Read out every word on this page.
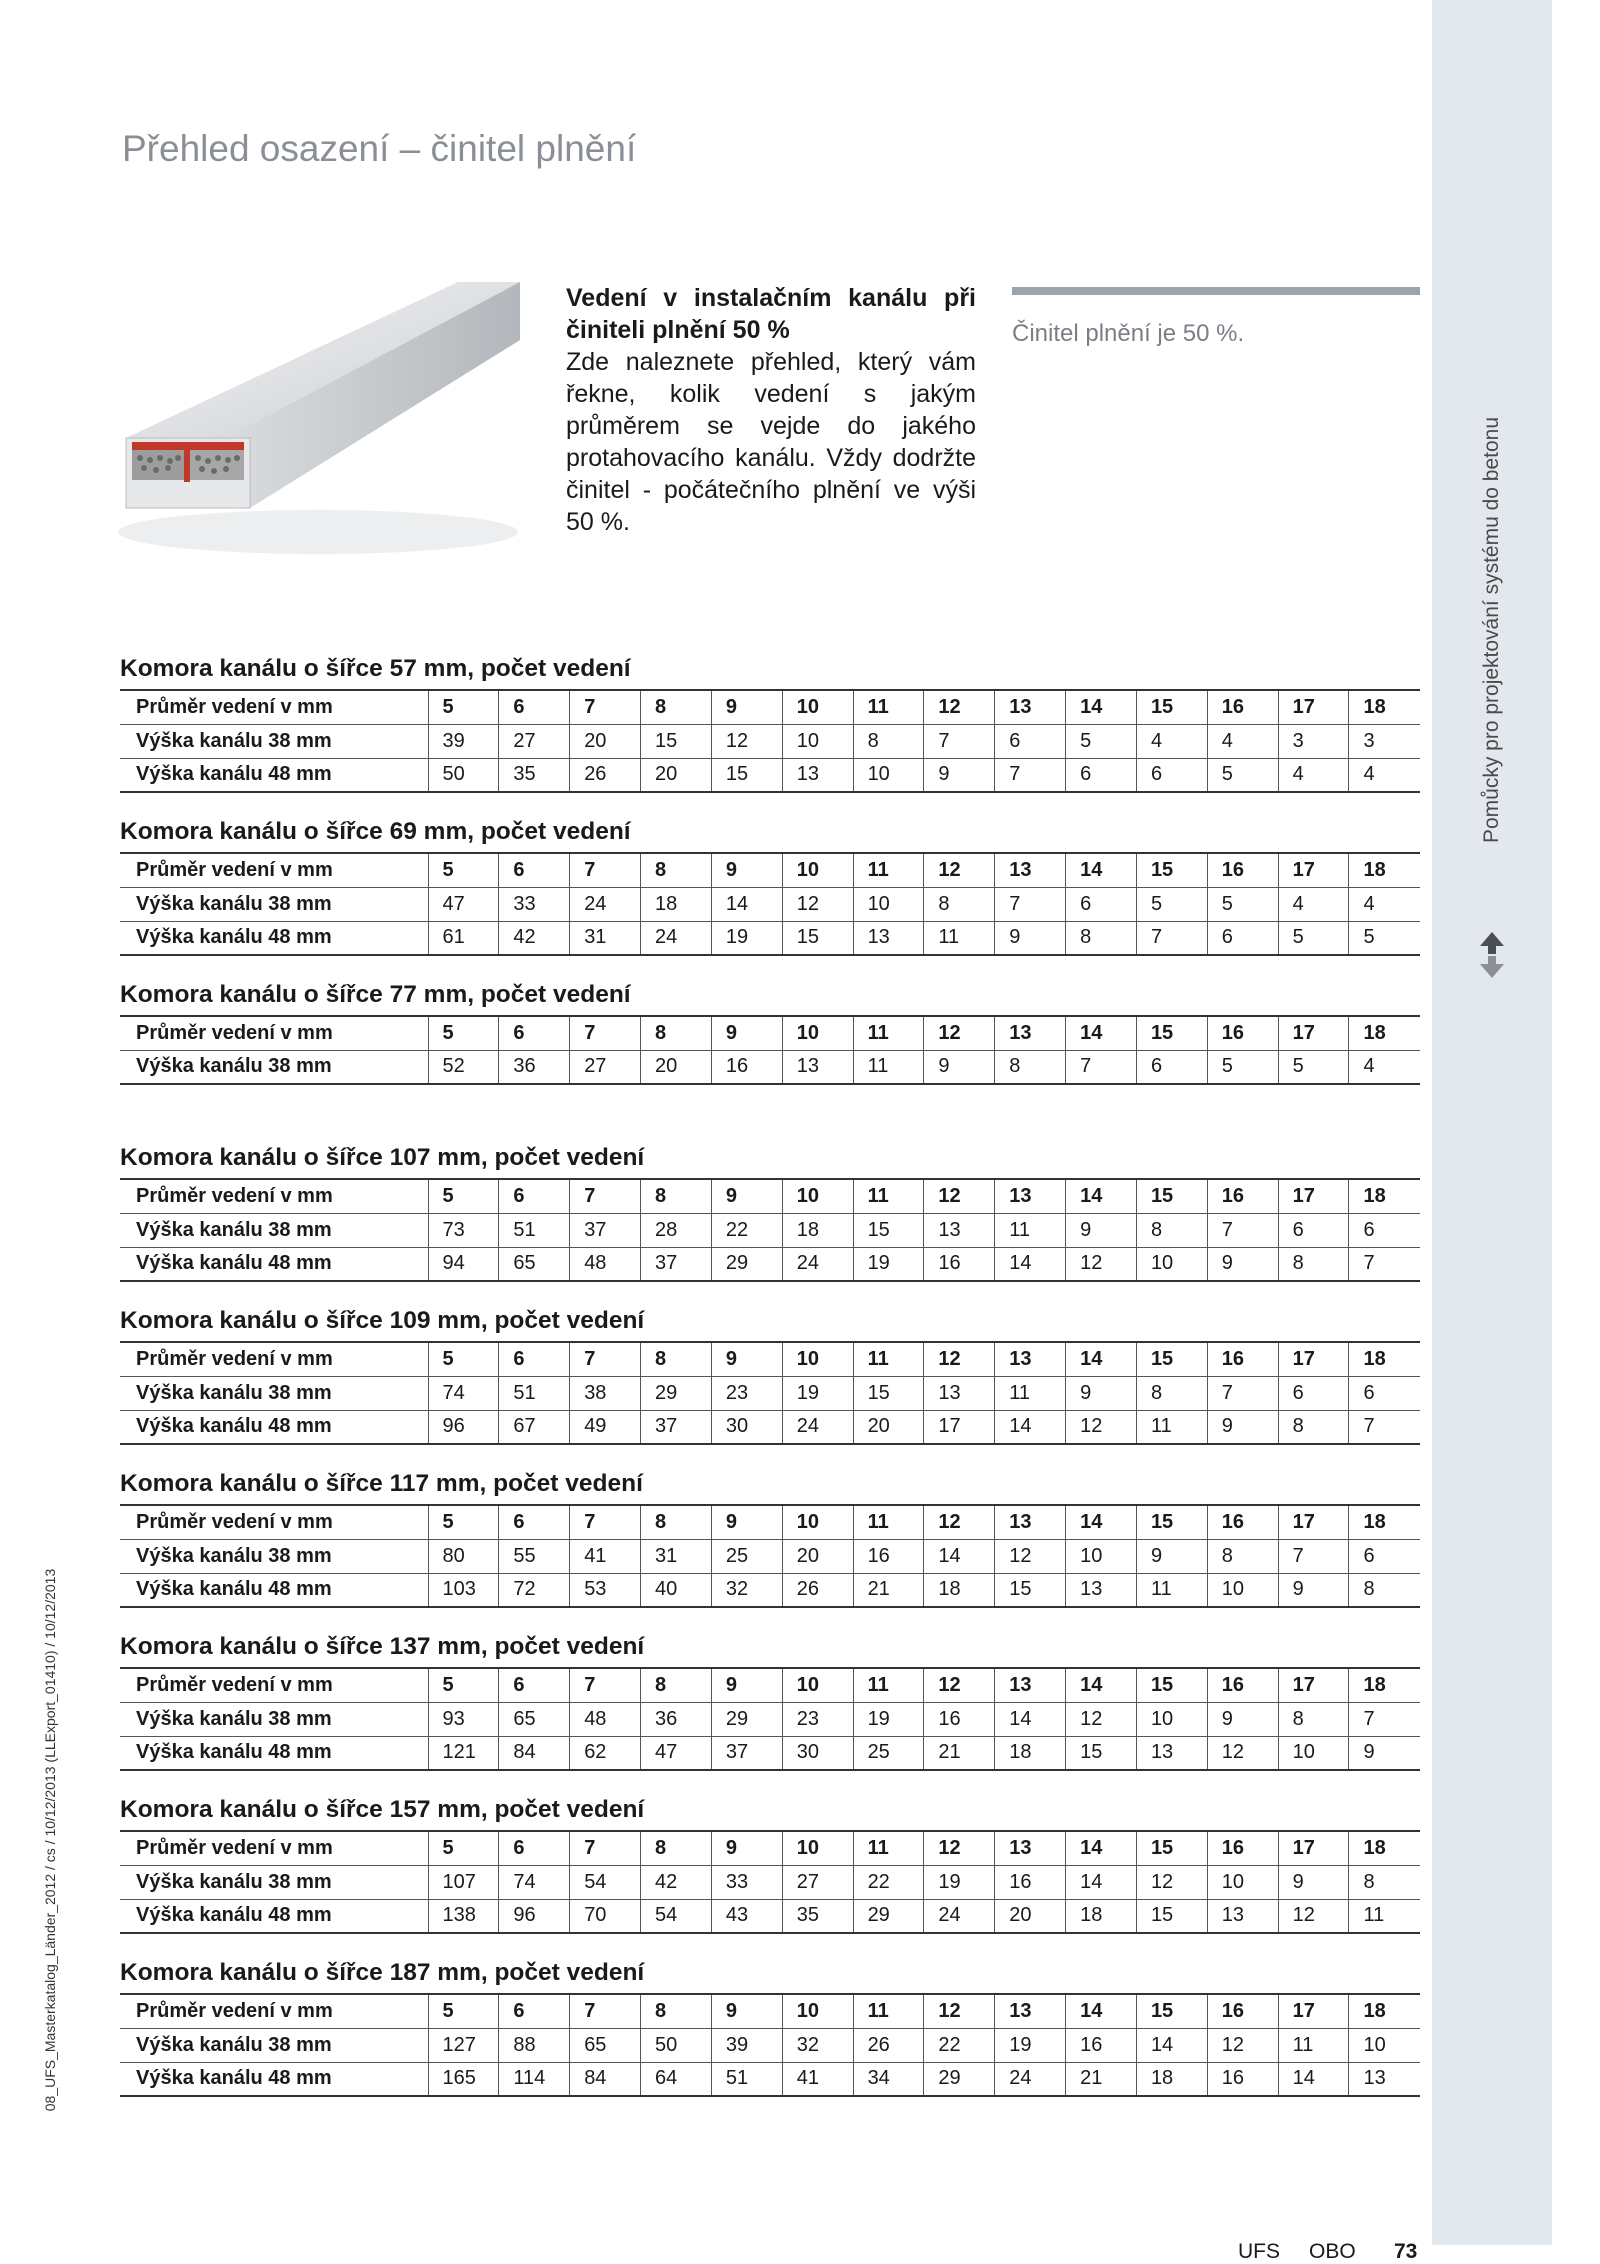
Pomůcky pro projektování systému do betonu
08_UFS_Masterkatalog_Länder_2012 / cs / 10/12/2013 (LLExport_01410) / 10/12/2013
Přehled osazení – činitel plnění
Vedení v instalačním kanálu při činiteli plnění 50 %
Zde naleznete přehled, který vám řekne, kolik vedení s jakým průměrem se vejde do jakého protahovacího kanálu. Vždy dodržte činitel - počátečního plnění ve výši 50 %.
Činitel plnění je 50 %.
Komora kanálu o šířce 57 mm, počet vedení
Průměr vedení v mm	5	6	7	8	9	10	11	12	13	14	15	16	17	18
Výška kanálu 38 mm	39	27	20	15	12	10	8	7	6	5	4	4	3	3
Výška kanálu 48 mm	50	35	26	20	15	13	10	9	7	6	6	5	4	4
Komora kanálu o šířce 69 mm, počet vedení
Průměr vedení v mm	5	6	7	8	9	10	11	12	13	14	15	16	17	18
Výška kanálu 38 mm	47	33	24	18	14	12	10	8	7	6	5	5	4	4
Výška kanálu 48 mm	61	42	31	24	19	15	13	11	9	8	7	6	5	5
Komora kanálu o šířce 77 mm, počet vedení
Průměr vedení v mm	5	6	7	8	9	10	11	12	13	14	15	16	17	18
Výška kanálu 38 mm	52	36	27	20	16	13	11	9	8	7	6	5	5	4
Komora kanálu o šířce 107 mm, počet vedení
Průměr vedení v mm	5	6	7	8	9	10	11	12	13	14	15	16	17	18
Výška kanálu 38 mm	73	51	37	28	22	18	15	13	11	9	8	7	6	6
Výška kanálu 48 mm	94	65	48	37	29	24	19	16	14	12	10	9	8	7
Komora kanálu o šířce 109 mm, počet vedení
Průměr vedení v mm	5	6	7	8	9	10	11	12	13	14	15	16	17	18
Výška kanálu 38 mm	74	51	38	29	23	19	15	13	11	9	8	7	6	6
Výška kanálu 48 mm	96	67	49	37	30	24	20	17	14	12	11	9	8	7
Komora kanálu o šířce 117 mm, počet vedení
Průměr vedení v mm	5	6	7	8	9	10	11	12	13	14	15	16	17	18
Výška kanálu 38 mm	80	55	41	31	25	20	16	14	12	10	9	8	7	6
Výška kanálu 48 mm	103	72	53	40	32	26	21	18	15	13	11	10	9	8
Komora kanálu o šířce 137 mm, počet vedení
Průměr vedení v mm	5	6	7	8	9	10	11	12	13	14	15	16	17	18
Výška kanálu 38 mm	93	65	48	36	29	23	19	16	14	12	10	9	8	7
Výška kanálu 48 mm	121	84	62	47	37	30	25	21	18	15	13	12	10	9
Komora kanálu o šířce 157 mm, počet vedení
Průměr vedení v mm	5	6	7	8	9	10	11	12	13	14	15	16	17	18
Výška kanálu 38 mm	107	74	54	42	33	27	22	19	16	14	12	10	9	8
Výška kanálu 48 mm	138	96	70	54	43	35	29	24	20	18	15	13	12	11
Komora kanálu o šířce 187 mm, počet vedení
Průměr vedení v mm	5	6	7	8	9	10	11	12	13	14	15	16	17	18
Výška kanálu 38 mm	127	88	65	50	39	32	26	22	19	16	14	12	11	10
Výška kanálu 48 mm	165	114	84	64	51	41	34	29	24	21	18	16	14	13
UFS OBO 73
